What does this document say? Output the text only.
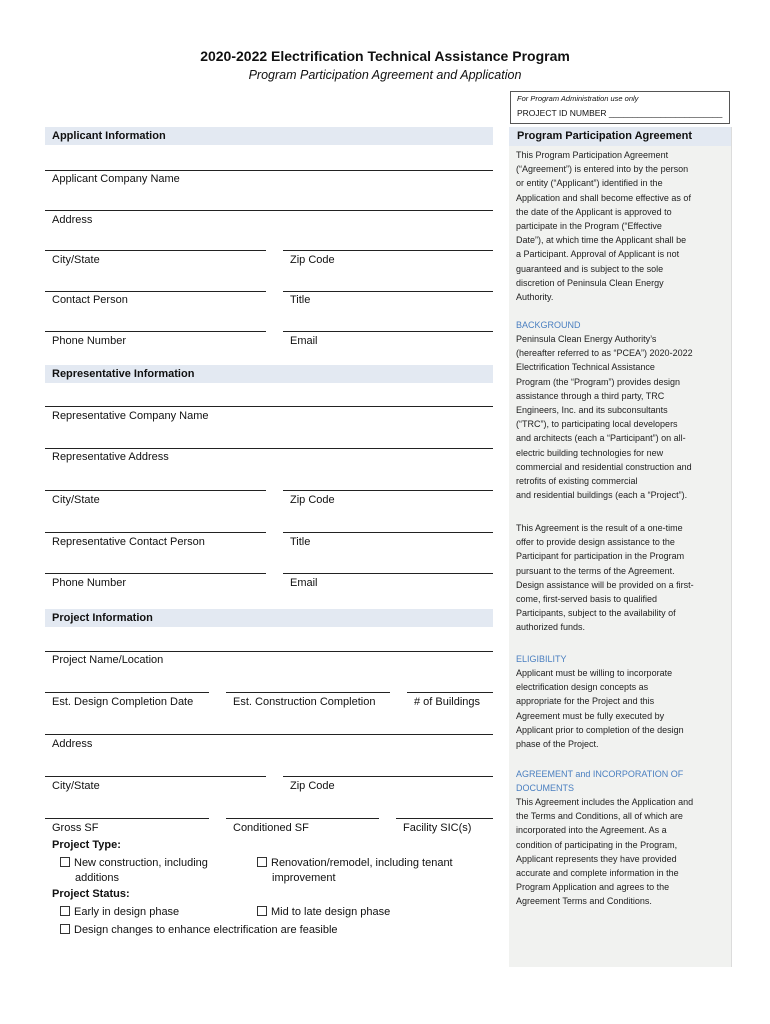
2020-2022 Electrification Technical Assistance Program
Program Participation Agreement and Application
For Program Administration use only
PROJECT ID NUMBER ________________________
Applicant Information
Applicant Company Name
Address
City/State	Zip Code
Contact Person	Title
Phone Number	Email
Representative Information
Representative Company Name
Representative Address
City/State	Zip Code
Representative Contact Person	Title
Phone Number	Email
Project Information
Project Name/Location
Est. Design Completion Date	Est. Construction Completion	# of Buildings
Address
City/State	Zip Code
Gross SF	Conditioned SF	Facility SIC(s)
Project Type:
New construction, including
additions
Renovation/remodel, including tenant
improvement
Project Status:
Early in design phase	Mid to late design phase
Design changes to enhance electrification are feasible
Program Participation Agreement
This Program Participation Agreement
(“Agreement”) is entered into by the person
or entity (“Applicant”) identified in the
Application and shall become effective as of
the date of the Applicant is approved to
participate in the Program (“Effective
Date”), at which time the Applicant shall be
a Participant. Approval of Applicant is not
guaranteed and is subject to the sole
discretion of Peninsula Clean Energy
Authority.
BACKGROUND
Peninsula Clean Energy Authority’s
(hereafter referred to as “PCEA”) 2020-2022
Electrification Technical Assistance
Program (the “Program”) provides design
assistance through a third party, TRC
Engineers, Inc. and its subconsultants
(“TRC”), to participating local developers
and architects (each a “Participant”) on all-
electric building technologies for new
commercial and residential construction and
retrofits of existing commercial
and residential buildings (each a “Project”).
This Agreement is the result of a one-time
offer to provide design assistance to the
Participant for participation in the Program
pursuant to the terms of the Agreement.
Design assistance will be provided on a first-
come, first-served basis to qualified
Participants, subject to the availability of
authorized funds.
ELIGIBILITY
Applicant must be willing to incorporate
electrification design concepts as
appropriate for the Project and this
Agreement must be fully executed by
Applicant prior to completion of the design
phase of the Project.
AGREEMENT and INCORPORATION OF
DOCUMENTS
This Agreement includes the Application and
the Terms and Conditions, all of which are
incorporated into the Agreement. As a
condition of participating in the Program,
Applicant represents they have provided
accurate and complete information in the
Program Application and agrees to the
Agreement Terms and Conditions.
